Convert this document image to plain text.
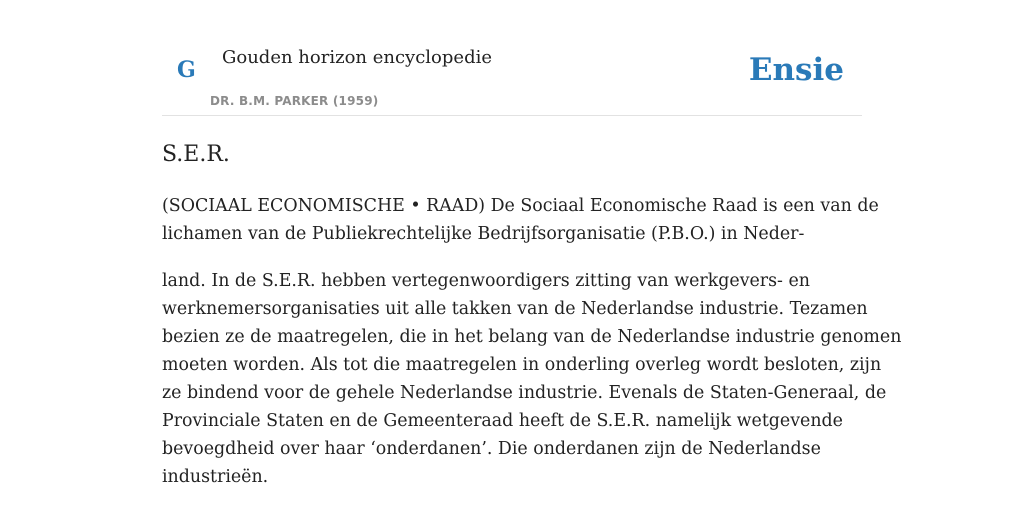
G Gouden horizon encyclopedie
DR. B.M. PARKER (1959)
Ensie
S.E.R.

(SOCIAAL ECONOMISCHE • RAAD) De Sociaal Economische Raad is een van de
lichamen van de Publiekrechtelijke Bedrijfsorganisatie (P.B.O.) in Neder-

land. In de S.E.R. hebben vertegenwoordigers zitting van werkgevers- en
werknemersorganisaties uit alle takken van de Nederlandse industrie. Tezamen
bezien ze de maatregelen, die in het belang van de Nederlandse industrie genomen
moeten worden. Als tot die maatregelen in onderling overleg wordt besloten, zijn
ze bindend voor de gehele Nederlandse industrie. Evenals de Staten-Generaal, de
Provinciale Staten en de Gemeenteraad heeft de S.E.R. namelijk wetgevende
bevoegdheid over haar ‘onderdanen’. Die onderdanen zijn de Nederlandse
industrieën.
